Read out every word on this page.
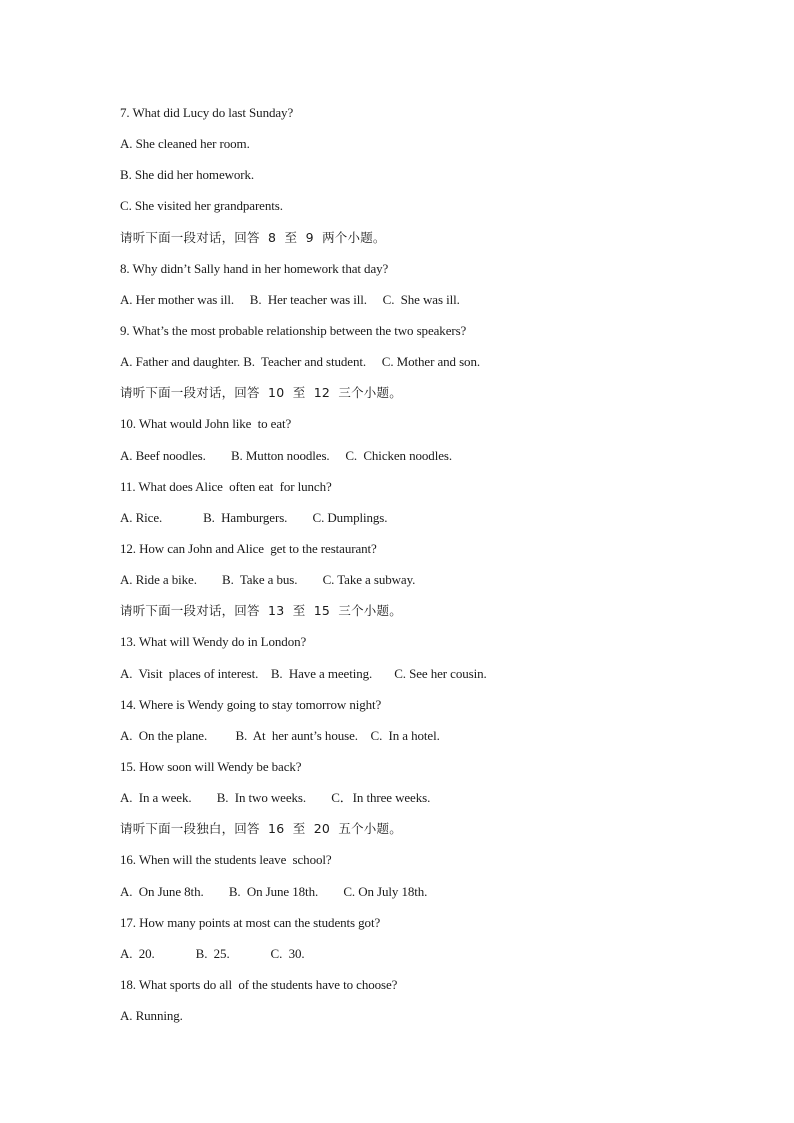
7. What did Lucy do last Sunday?
A. She cleaned her room.
B. She did her homework.
C. She visited her grandparents.
请听下面一段对话，回答  8  至  9  两个小题。
8. Why didn’t Sally hand in her homework that day?
A. Her mother was ill.     B.  Her teacher was ill.     C.  She was ill.
9. What’s the most probable relationship between the two speakers?
A. Father and daughter. B.  Teacher and student.     C. Mother and son.
请听下面一段对话，回答  10  至  12  三个小题。
10. What would John like  to eat?
A. Beef noodles.        B. Mutton noodles.     C.  Chicken noodles.
11. What does Alice  often eat  for lunch?
A. Rice.             B.  Hamburgers.        C. Dumplings.
12. How can John and Alice  get to the restaurant?
A. Ride a bike.        B.  Take a bus.        C. Take a subway.
请听下面一段对话，回答  13  至  15  三个小题。
13. What will Wendy do in London?
A.  Visit  places of interest.    B.  Have a meeting.       C. See her cousin.
14. Where is Wendy going to stay tomorrow night?
A.  On the plane.         B.  At  her aunt’s house.    C.  In a hotel.
15. How soon will Wendy be back?
A.  In a week.        B.  In two weeks.        C．In three weeks.
请听下面一段独白，回答  16  至  20  五个小题。
16. When will the students leave  school?
A.  On June 8th.        B.  On June 18th.        C. On July 18th.
17. How many points at most can the students got?
A.  20.             B.  25.             C.  30.
18. What sports do all  of the students have to choose?
A. Running.
